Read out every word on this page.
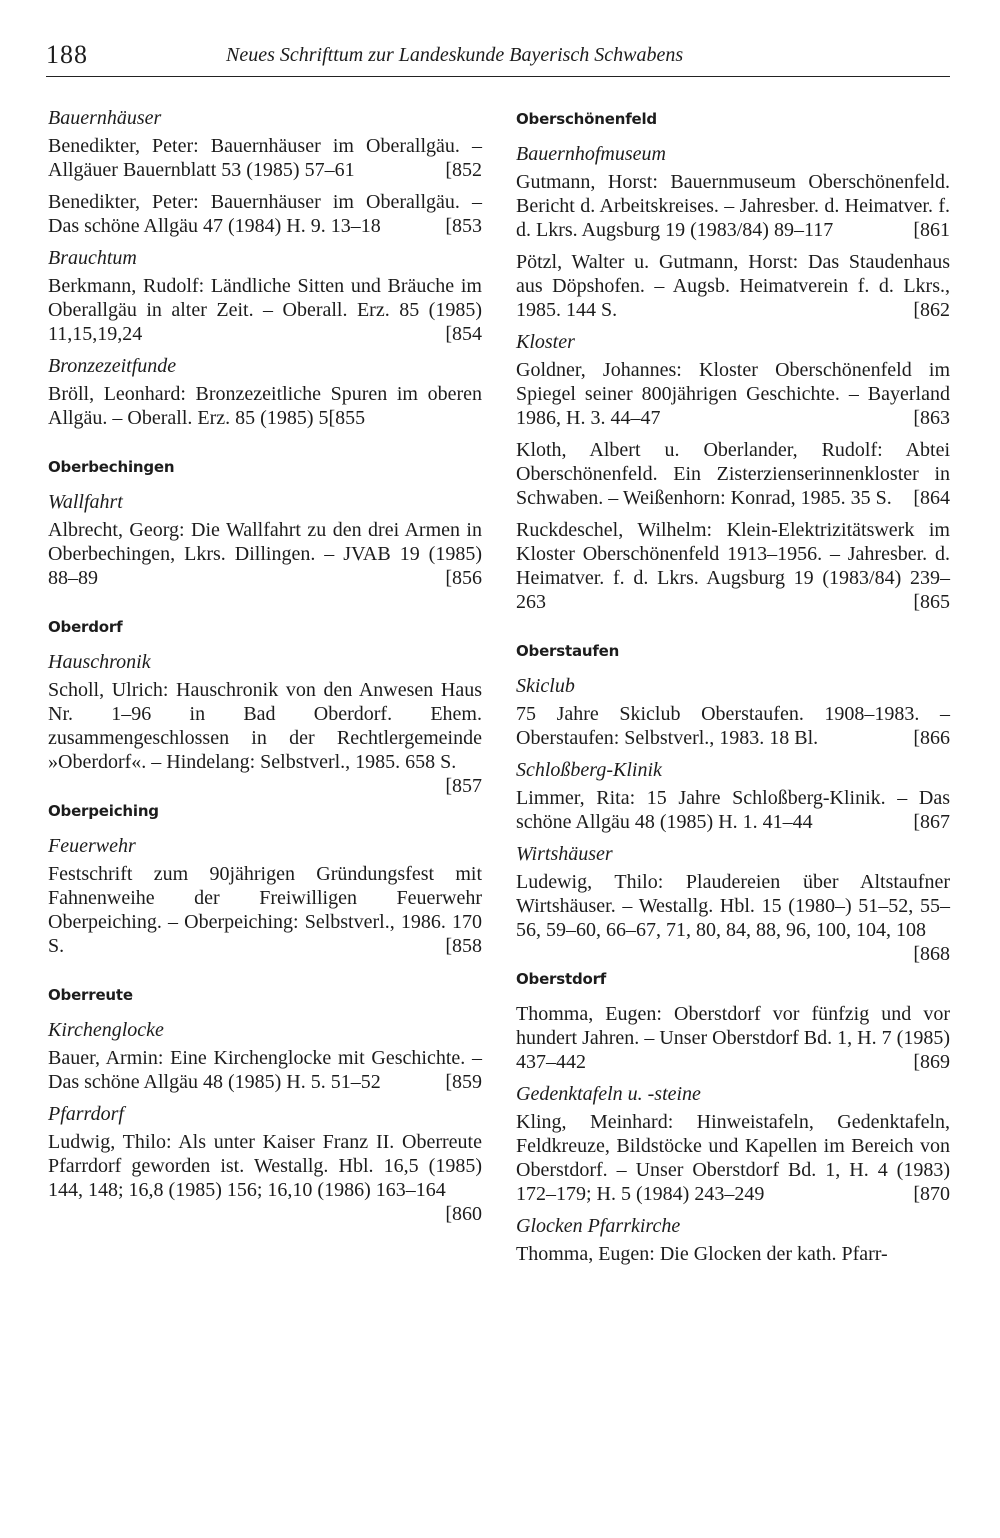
188	Neues Schrifttum zur Landeskunde Bayerisch Schwabens
Bauernhäuser

Benedikter, Peter: Bauernhäuser im Oberallgäu. – Allgäuer Bauernblatt 53 (1985) 57–61	[852

Benedikter, Peter: Bauernhäuser im Oberallgäu. – Das schöne Allgäu 47 (1984) H. 9. 13–18	[853

Brauchtum

Berkmann, Rudolf: Ländliche Sitten und Bräuche im Oberallgäu in alter Zeit. – Oberall. Erz. 85 (1985) 11,15,19,24	[854

Bronzezeitfunde

Bröll, Leonhard: Bronzezeitliche Spuren im oberen Allgäu. – Oberall. Erz. 85 (1985) 5[855

Oberbechingen
Wallfahrt

Albrecht, Georg: Die Wallfahrt zu den drei Armen in Oberbechingen, Lkrs. Dillingen. – JVAB 19 (1985) 88–89	[856

Oberdorf
Hauschronik

Scholl, Ulrich: Hauschronik von den Anwesen Haus Nr. 1–96 in Bad Oberdorf. Ehem. zusammengeschlossen in der Rechtlergemeinde »Oberdorf«. – Hindelang: Selbstverl., 1985. 658 S.
[857

Oberpeiching
Feuerwehr

Festschrift zum 90jährigen Gründungsfest mit Fahnenweihe der Freiwilligen Feuerwehr Oberpeiching. – Oberpeiching: Selbstverl., 1986. 170 S.	[858

Oberreute
Kirchenglocke

Bauer, Armin: Eine Kirchenglocke mit Geschichte. – Das schöne Allgäu 48 (1985) H. 5. 51–52	[859

Pfarrdorf

Ludwig, Thilo: Als unter Kaiser Franz II. Oberreute Pfarrdorf geworden ist. Westallg. Hbl. 16,5 (1985) 144, 148; 16,8 (1985) 156; 16,10 (1986) 163–164
[860

Oberschönenfeld
Bauernhofmuseum

Gutmann, Horst: Bauernmuseum Oberschönenfeld. Bericht d. Arbeitskreises. – Jahresber. d. Heimatver. f. d. Lkrs. Augsburg 19 (1983/84) 89–117	[861

Pötzl, Walter u. Gutmann, Horst: Das Staudenhaus aus Döpshofen. – Augsb. Heimatverein f. d. Lkrs., 1985. 144 S.	[862

Kloster

Goldner, Johannes: Kloster Oberschönenfeld im Spiegel seiner 800jährigen Geschichte. – Bayerland 1986, H. 3. 44–47	[863

Kloth, Albert u. Oberlander, Rudolf: Abtei Oberschönenfeld. Ein Zisterzienserinnenkloster in Schwaben. – Weißenhorn: Konrad, 1985. 35 S. [864

Ruckdeschel, Wilhelm: Klein-Elektrizitätswerk im Kloster Oberschönenfeld 1913–1956. – Jahresber. d. Heimatver. f. d. Lkrs. Augsburg 19 (1983/84) 239–263	[865

Oberstaufen
Skiclub

75 Jahre Skiclub Oberstaufen. 1908–1983. – Oberstaufen: Selbstverl., 1983. 18 Bl.	[866

Schloßberg-Klinik

Limmer, Rita: 15 Jahre Schloßberg-Klinik. – Das schöne Allgäu 48 (1985) H. 1. 41–44	[867

Wirtshäuser

Ludewig, Thilo: Plaudereien über Altstaufner Wirtshäuser. – Westallg. Hbl. 15 (1980–) 51–52, 55–56, 59–60, 66–67, 71, 80, 84, 88, 96, 100, 104, 108
[868

Oberstdorf

Thomma, Eugen: Oberstdorf vor fünfzig und vor hundert Jahren. – Unser Oberstdorf Bd. 1, H. 7 (1985) 437–442	[869

Gedenktafeln u. -steine

Kling, Meinhard: Hinweistafeln, Gedenktafeln, Feldkreuze, Bildstöcke und Kapellen im Bereich von Oberstdorf. – Unser Oberstdorf Bd. 1, H. 4 (1983) 172–179; H. 5 (1984) 243–249	[870

Glocken Pfarrkirche

Thomma, Eugen: Die Glocken der kath. Pfarr-
